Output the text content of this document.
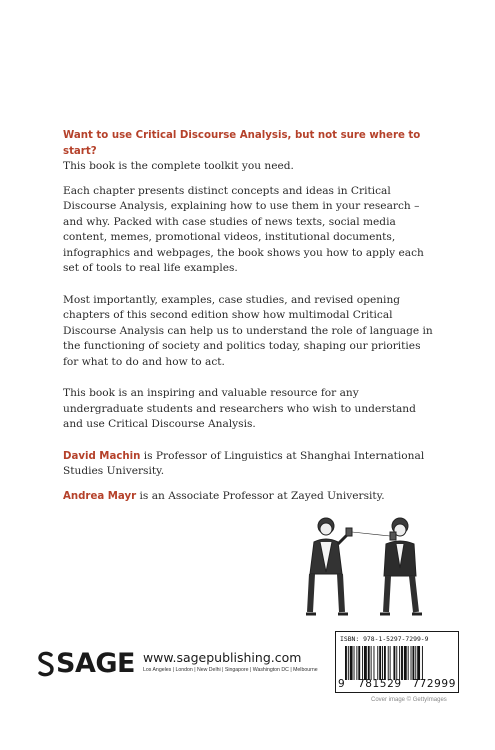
Want to use Critical Discourse Analysis, but not sure where to start?
This book is the complete toolkit you need.

Each chapter presents distinct concepts and ideas in Critical Discourse Analysis, explaining how to use them in your research – and why. Packed with case studies of news texts, social media content, memes, promotional videos, institutional documents, infographics and webpages, the book shows you how to apply each set of tools to real life examples.

Most importantly, examples, case studies, and revised opening chapters of this second edition show how multimodal Critical Discourse Analysis can help us to understand the role of language in the functioning of society and politics today, shaping our priorities for what to do and how to act.

This book is an inspiring and valuable resource for any undergraduate students and researchers who wish to understand and use Critical Discourse Analysis.

David Machin is Professor of Linguistics at Shanghai International Studies University.

Andrea Mayr is an Associate Professor at Zayed University.

SAGE www.sagepublishing.com
Los Angeles | London | New Delhi | Singapore | Washington DC | Melbourne
ISBN: 978-1-5297-7299-9
9 781529 772999
Cover image © GettyImages
